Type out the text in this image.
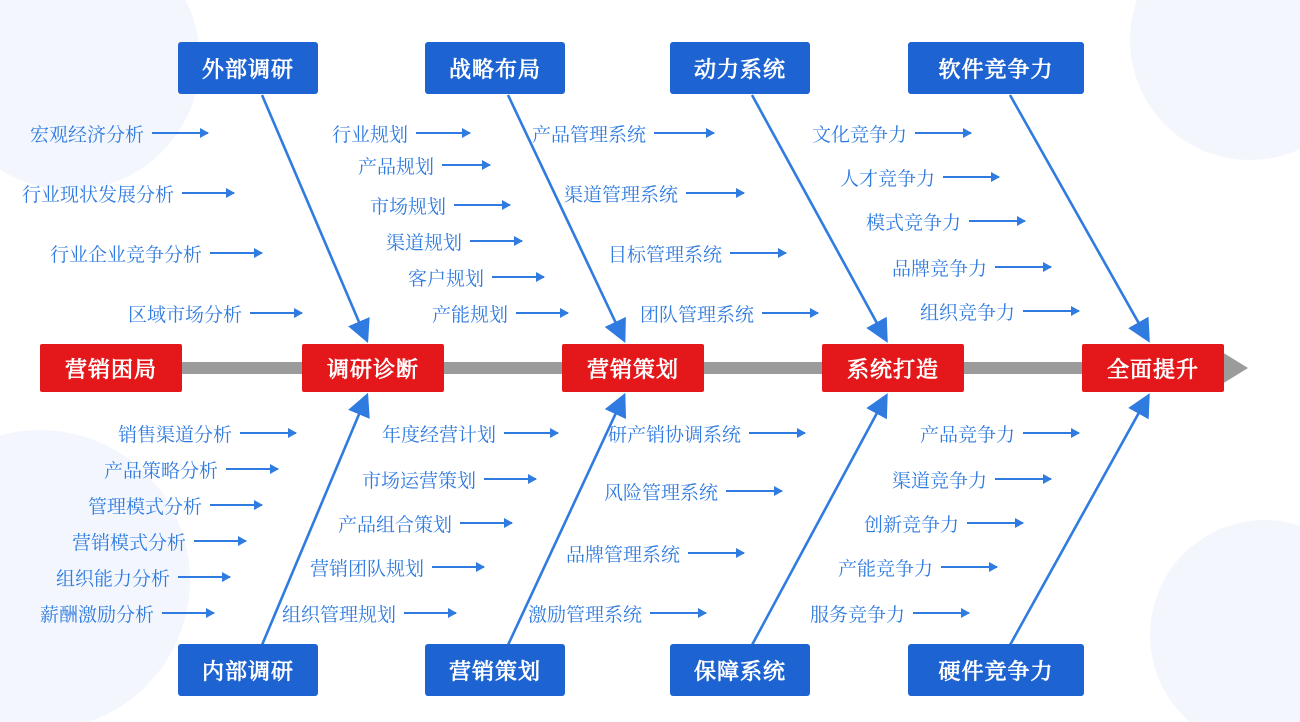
营销困局	调研诊断	营销策划	系统打造	全面提升
外部调研	战略布局	动力系统	软件竞争力
内部调研	营销策划	保障系统	硬件竞争力
宏观经济分析
行业现状发展分析
行业企业竞争分析
区域市场分析
行业规划
产品规划
市场规划
渠道规划
客户规划
产能规划
产品管理系统
渠道管理系统
目标管理系统
团队管理系统
文化竞争力
人才竞争力
模式竞争力
品牌竞争力
组织竞争力
销售渠道分析
产品策略分析
管理模式分析
营销模式分析
组织能力分析
薪酬激励分析
年度经营计划
市场运营策划
产品组合策划
营销团队规划
组织管理规划
研产销协调系统
风险管理系统
品牌管理系统
激励管理系统
产品竞争力
渠道竞争力
创新竞争力
产能竞争力
服务竞争力
